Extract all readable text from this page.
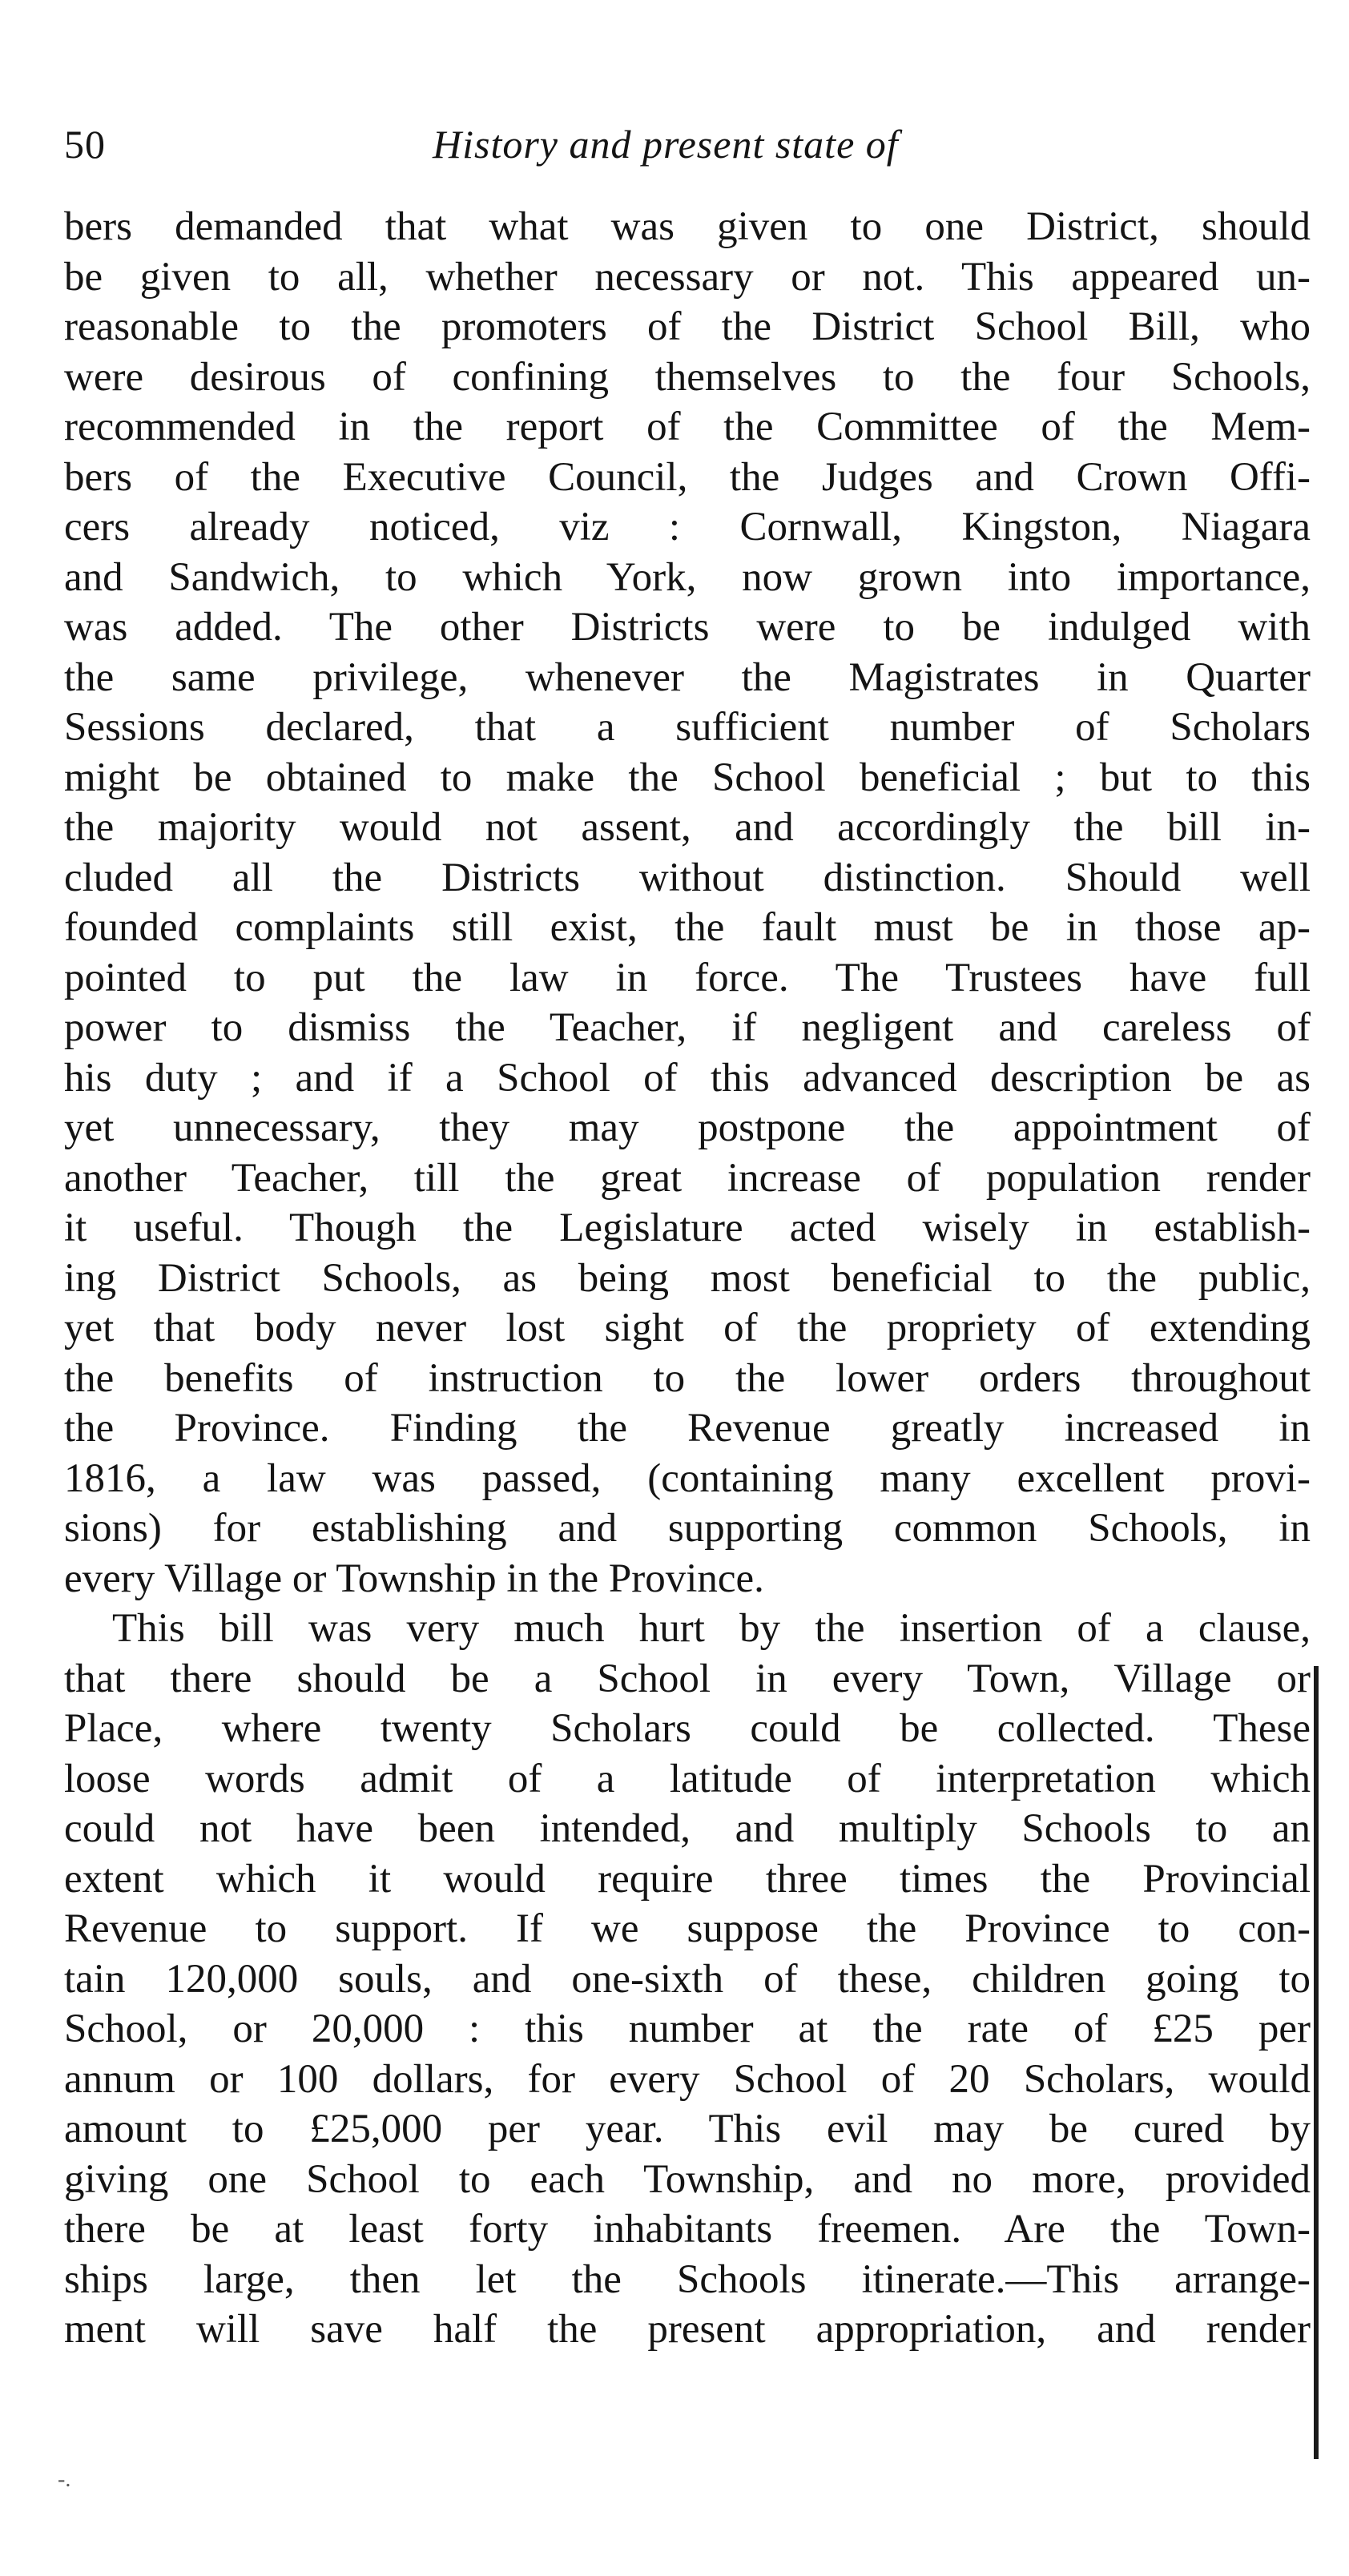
50	History and present state of
bers demanded that what was given to one District, should
be given to all, whether necessary or not. This appeared un-
reasonable to the promoters of the District School Bill, who
were desirous of confining themselves to the four Schools,
recommended in the report of the Committee of the Mem-
bers of the Executive Council, the Judges and Crown Offi-
cers already noticed, viz : Cornwall, Kingston, Niagara
and Sandwich, to which York, now grown into importance,
was added. The other Districts were to be indulged with
the same privilege, whenever the Magistrates in Quarter
Sessions declared, that a sufficient number of Scholars
might be obtained to make the School beneficial ; but to this
the majority would not assent, and accordingly the bill in-
cluded all the Districts without distinction. Should well
founded complaints still exist, the fault must be in those ap-
pointed to put the law in force. The Trustees have full
power to dismiss the Teacher, if negligent and careless of
his duty ; and if a School of this advanced description be as
yet unnecessary, they may postpone the appointment of
another Teacher, till the great increase of population render
it useful. Though the Legislature acted wisely in establish-
ing District Schools, as being most beneficial to the public,
yet that body never lost sight of the propriety of extending
the benefits of instruction to the lower orders throughout
the Province. Finding the Revenue greatly increased in
1816, a law was passed, (containing many excellent provi-
sions) for establishing and supporting common Schools, in
every Village or Township in the Province.
This bill was very much hurt by the insertion of a clause,
that there should be a School in every Town, Village or
Place, where twenty Scholars could be collected. These
loose words admit of a latitude of interpretation which
could not have been intended, and multiply Schools to an
extent which it would require three times the Provincial
Revenue to support. If we suppose the Province to con-
tain 120,000 souls, and one-sixth of these, children going to
School, or 20,000 : this number at the rate of £25 per
annum or 100 dollars, for every School of 20 Scholars, would
amount to £25,000 per year. This evil may be cured by
giving one School to each Township, and no more, provided
there be at least forty inhabitants freemen. Are the Town-
ships large, then let the Schools itinerate.—This arrange-
ment will save half the present appropriation, and render
-.
